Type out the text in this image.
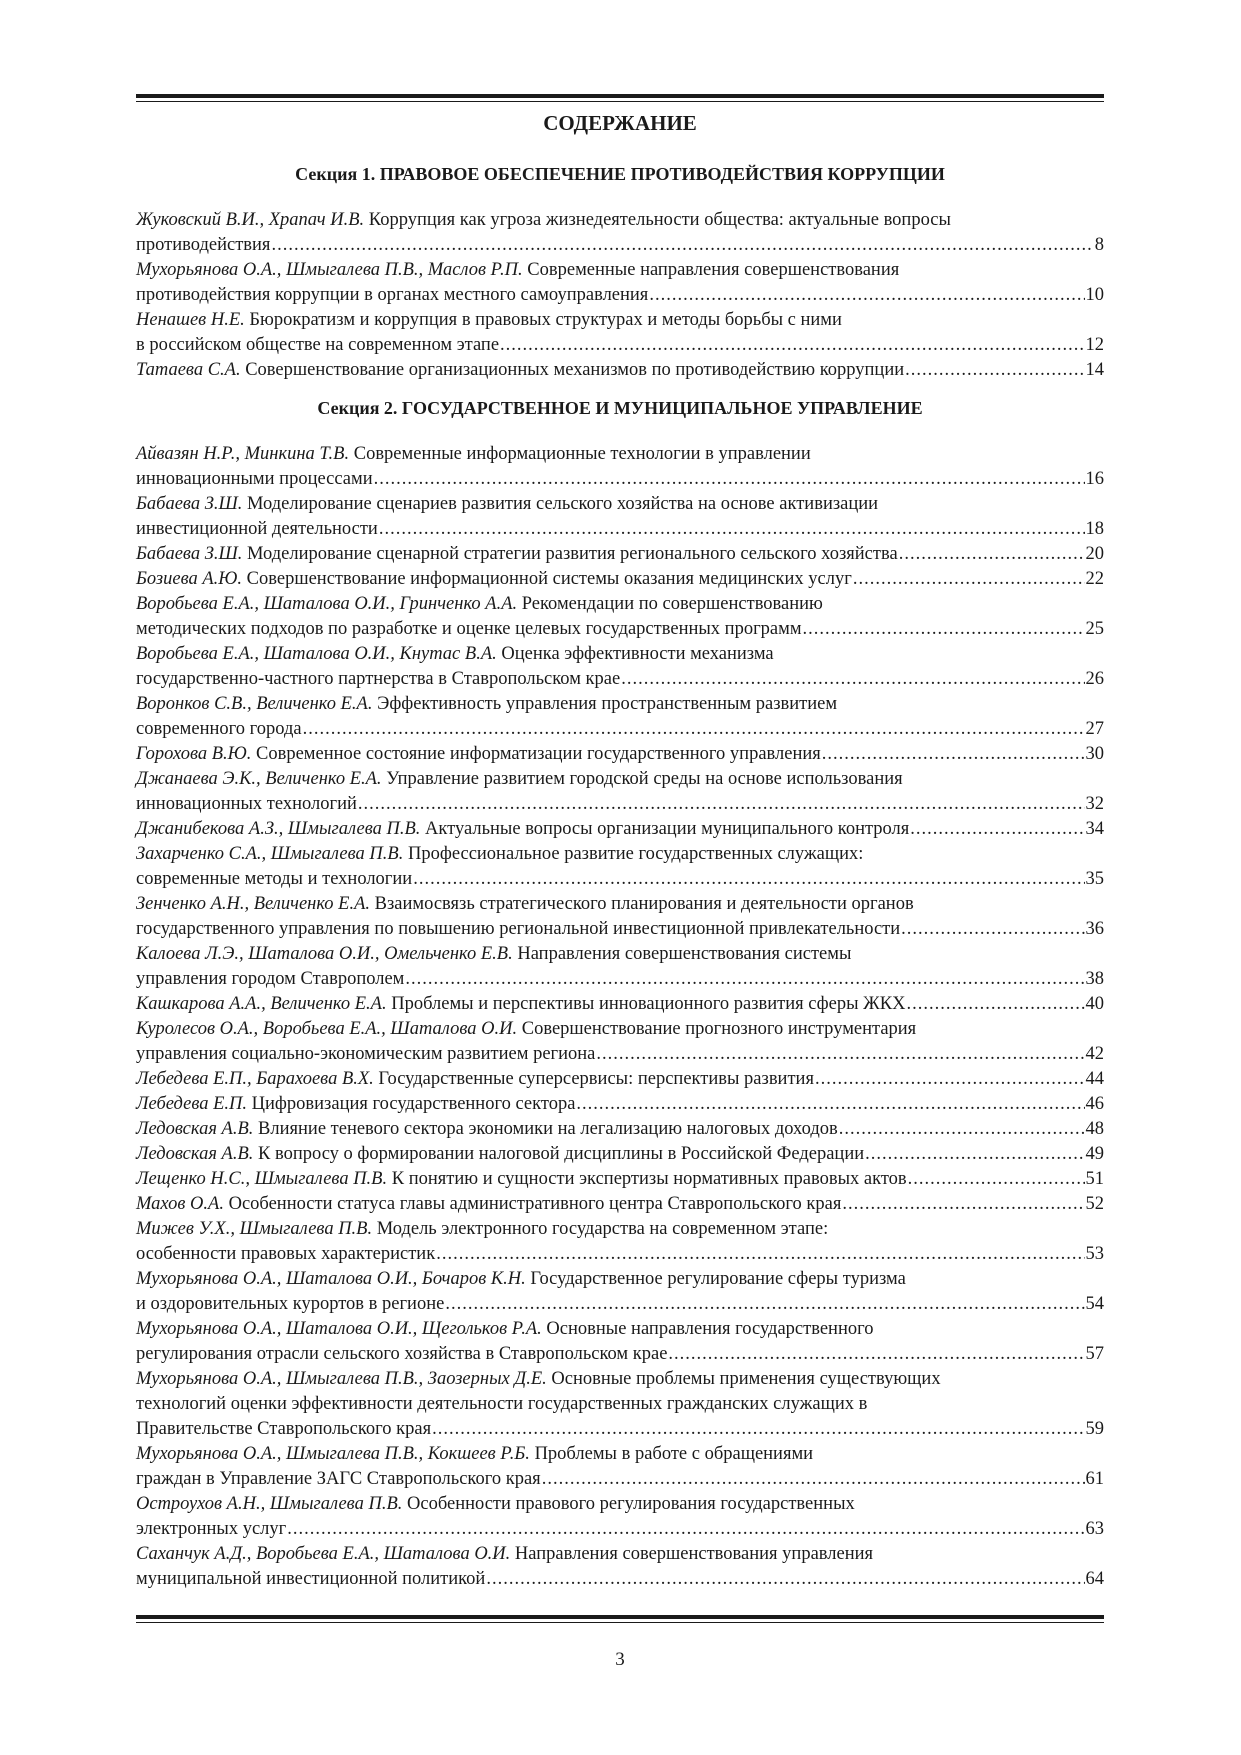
СОДЕРЖАНИЕ
Секция 1. ПРАВОВОЕ ОБЕСПЕЧЕНИЕ ПРОТИВОДЕЙСТВИЯ КОРРУПЦИИ
Жуковский В.И., Храпач И.В.
Коррупция как угроза жизнедеятельности общества: актуальные вопросы
противодействия .....	8
Мухорьянова О.А., Шмыгалева П.В., Маслов Р.П.
Современные направления совершенствования
противодействия коррупции в органах местного самоуправления .....	10
Ненашев Н.Е.
Бюрократизм и коррупция в правовых структурах и методы борьбы с ними
в российском обществе на современном этапе .....	12
Татаева С.А.
Совершенствование организационных механизмов по противодействию коррупции .....	14
Секция 2. ГОСУДАРСТВЕННОЕ И МУНИЦИПАЛЬНОЕ УПРАВЛЕНИЕ
Айвазян Н.Р., Минкина Т.В.
Современные информационные технологии в управлении
инновационными процессами .....	16
Бабаева З.Ш.
Моделирование сценариев развития сельского хозяйства на основе активизации
инвестиционной деятельности .....	18
Бабаева З.Ш.
Моделирование сценарной стратегии развития регионального сельского хозяйства .....	20
Бозиева А.Ю.
Совершенствование информационной системы оказания медицинских услуг .....	22
Воробьева Е.А., Шаталова О.И., Гринченко А.А.
Рекомендации по совершенствованию
методических подходов по разработке и оценке целевых государственных программ .....	25
Воробьева Е.А., Шаталова О.И., Кнутас В.А.
Оценка эффективности механизма
государственно-частного партнерства в Ставропольском крае .....	26
Воронков С.В., Величенко Е.А.
Эффективность управления пространственным развитием
современного города .....	27
Горохова В.Ю.
Современное состояние информатизации государственного управления .....	30
Джанаева Э.К., Величенко Е.А.
Управление развитием городской среды на основе использования
инновационных технологий .....	32
Джанибекова А.З., Шмыгалева П.В.
Актуальные вопросы организации муниципального контроля .....	34
Захарченко С.А., Шмыгалева П.В.
Профессиональное развитие государственных служащих:
современные методы и технологии .....	35
Зенченко А.Н., Величенко Е.А.
Взаимосвязь стратегического планирования и деятельности органов
государственного управления по повышению региональной инвестиционной привлекательности .....	36
Калоева Л.Э., Шаталова О.И., Омельченко Е.В.
Направления совершенствования системы
управления городом Ставрополем .....	38
Кашкарова А.А., Величенко Е.А.
Проблемы и перспективы инновационного развития сферы ЖКХ .....	40
Куролесов О.А., Воробьева Е.А., Шаталова О.И.
Совершенствование прогнозного инструментария
управления социально-экономическим развитием региона .....	42
Лебедева Е.П., Барахоева В.Х.
Государственные суперсервисы: перспективы развития .....	44
Лебедева Е.П.
Цифровизация государственного сектора .....	46
Ледовская А.В.
Влияние теневого сектора экономики на легализацию налоговых доходов .....	48
Ледовская А.В.
К вопросу о формировании налоговой дисциплины в Российской Федерации .....	49
Лещенко Н.С., Шмыгалева П.В.
К понятию и сущности экспертизы нормативных правовых актов .....	51
Махов О.А.
Особенности статуса главы административного центра Ставропольского края .....	52
Мижев У.Х., Шмыгалева П.В.
Модель электронного государства на современном этапе:
особенности правовых характеристик .....	53
Мухорьянова О.А., Шаталова О.И., Бочаров К.Н.
Государственное регулирование сферы туризма
и оздоровительных курортов в регионе .....	54
Мухорьянова О.А., Шаталова О.И., Щегольков Р.А.
Основные направления государственного
регулирования отрасли сельского хозяйства в Ставропольском крае .....	57
Мухорьянова О.А., Шмыгалева П.В., Заозерных Д.Е.
Основные проблемы применения существующих
технологий оценки эффективности деятельности государственных гражданских служащих в
Правительстве Ставропольского края .....	59
Мухорьянова О.А., Шмыгалева П.В., Кокшеев Р.Б.
Проблемы в работе с обращениями
граждан в Управление ЗАГС Ставропольского края .....	61
Остроухов А.Н., Шмыгалева П.В.
Особенности правового регулирования государственных
электронных услуг .....	63
Саханчук А.Д., Воробьева Е.А., Шаталова О.И.
Направления совершенствования управления
муниципальной инвестиционной политикой .....	64
3
